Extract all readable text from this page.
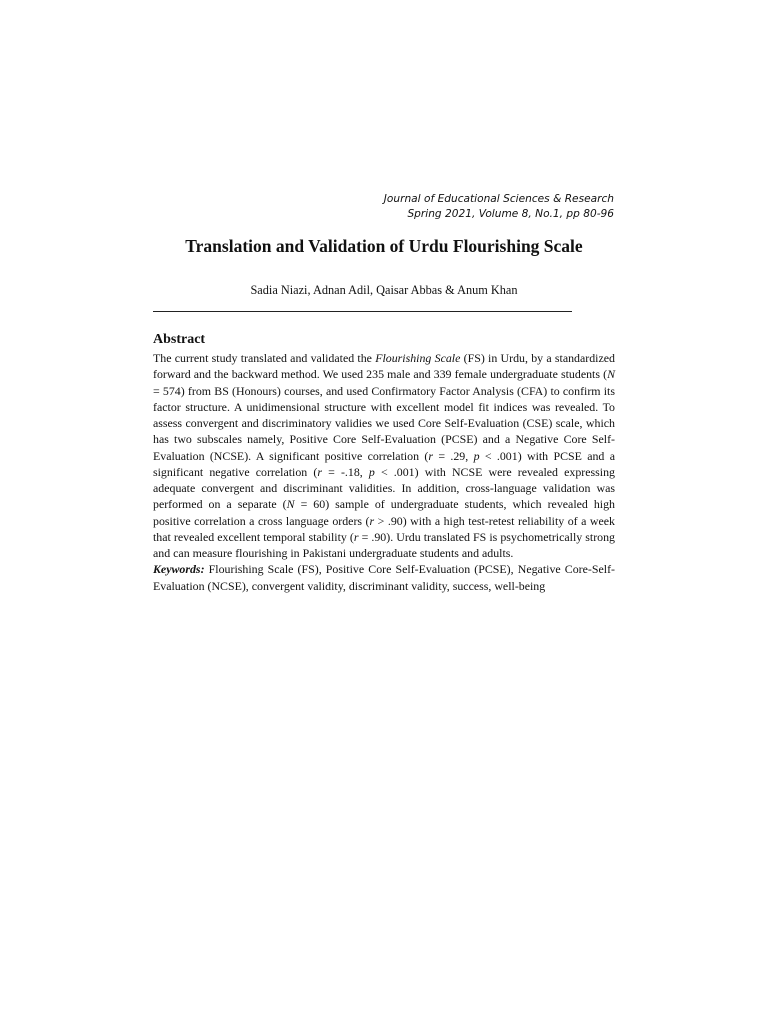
Journal of Educational Sciences & Research
Spring 2021, Volume 8, No.1, pp 80-96
Translation and Validation of Urdu Flourishing Scale
Sadia Niazi, Adnan Adil, Qaisar Abbas & Anum Khan
Abstract

The current study translated and validated the Flourishing Scale (FS) in Urdu, by a standardized forward and the backward method. We used 235 male and 339 female undergraduate students (N = 574) from BS (Honours) courses, and used Confirmatory Factor Analysis (CFA) to confirm its factor structure. A unidimensional structure with excellent model fit indices was revealed. To assess convergent and discriminatory validies we used Core Self-Evaluation (CSE) scale, which has two subscales namely, Positive Core Self-Evaluation (PCSE) and a Negative Core Self-Evaluation (NCSE). A significant positive correlation (r = .29, p < .001) with PCSE and a significant negative correlation (r = -.18, p < .001) with NCSE were revealed expressing adequate convergent and discriminant validities. In addition, cross-language validation was performed on a separate (N = 60) sample of undergraduate students, which revealed high positive correlation a cross language orders (r > .90) with a high test-retest reliability of a week that revealed excellent temporal stability (r = .90). Urdu translated FS is psychometrically strong and can measure flourishing in Pakistani undergraduate students and adults.

Keywords: Flourishing Scale (FS), Positive Core Self-Evaluation (PCSE), Negative Core-Self-Evaluation (NCSE), convergent validity, discriminant validity, success, well-being
